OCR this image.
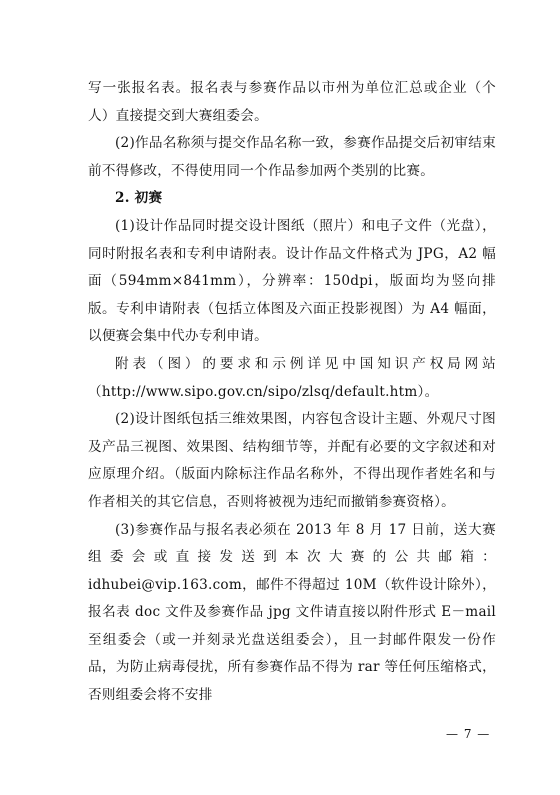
写一张报名表。报名表与参赛作品以市州为单位汇总或企业（个人）直接提交到大赛组委会。

(2)作品名称须与提交作品名称一致，参赛作品提交后初审结束前不得修改，不得使用同一个作品参加两个类别的比赛。

2. 初赛

(1)设计作品同时提交设计图纸（照片）和电子文件（光盘），同时附报名表和专利申请附表。设计作品文件格式为 JPG，A2 幅面（594mm×841mm），分辨率：150dpi，版面均为竖向排版。专利申请附表（包括立体图及六面正投影视图）为 A4 幅面，以便赛会集中代办专利申请。

附表（图）的要求和示例详见中国知识产权局网站（http://www.sipo.gov.cn/sipo/zlsq/default.htm）。

(2)设计图纸包括三维效果图，内容包含设计主题、外观尺寸图及产品三视图、效果图、结构细节等，并配有必要的文字叙述和对应原理介绍。（版面内除标注作品名称外，不得出现作者姓名和与作者相关的其它信息，否则将被视为违纪而撤销参赛资格）。

(3)参赛作品与报名表必须在 2013 年 8 月 17 日前，送大赛组委会或直接发送到本次大赛的公共邮箱：idhubei@vip.163.com，邮件不得超过 10M（软件设计除外），报名表 doc 文件及参赛作品 jpg 文件请直接以附件形式 E－mail 至组委会（或一并刻录光盘送组委会），且一封邮件限发一份作品，为防止病毒侵扰，所有参赛作品不得为 rar 等任何压缩格式，否则组委会将不安排

— 7 —
